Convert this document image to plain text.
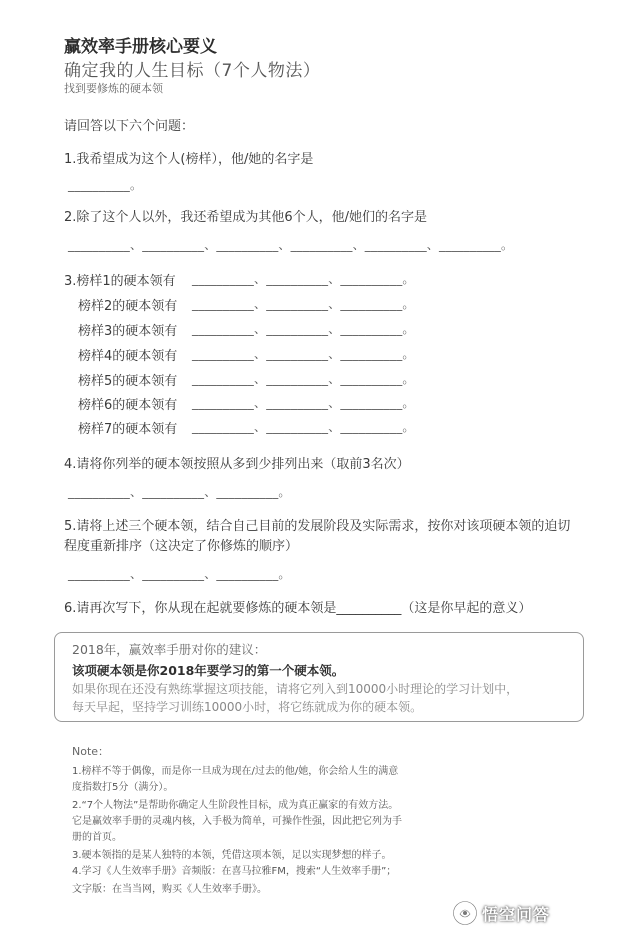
赢效率手册核心要义
确定我的人生目标（7个人物法）
找到要修炼的硬本领
请回答以下六个问题：
1.我希望成为这个人(榜样），他/她的名字是
__________。
2.除了这个人以外，我还希望成为其他6个人，他/她们的名字是
__________、__________、__________、__________、__________、__________。
3.榜样1的硬本领有 __________、__________、__________。
榜样2的硬本领有 __________、__________、__________。
榜样3的硬本领有 __________、__________、__________。
榜样4的硬本领有 __________、__________、__________。
榜样5的硬本领有 __________、__________、__________。
榜样6的硬本领有 __________、__________、__________。
榜样7的硬本领有 __________、__________、__________。
4.请将你列举的硬本领按照从多到少排列出来（取前3名次）
__________、__________、__________。
5.请将上述三个硬本领，结合自己目前的发展阶段及实际需求，按你对该项硬本领的迫切
程度重新排序（这决定了你修炼的顺序）
__________、__________、__________。
6.请再次写下，你从现在起就要修炼的硬本领是__________（这是你早起的意义）
2018年，赢效率手册对你的建议：
该项硬本领是你2018年要学习的第一个硬本领。
如果你现在还没有熟练掌握这项技能，请将它列入到10000小时理论的学习计划中，
每天早起，坚持学习训练10000小时，将它练就成为你的硬本领。
Note：
1.榜样不等于偶像，而是你一旦成为现在/过去的他/她，你会给人生的满意
度指数打5分（满分）。
2.“7个人物法”是帮助你确定人生阶段性目标，成为真正赢家的有效方法。
它是赢效率手册的灵魂内核，入手极为简单，可操作性强，因此把它列为手
册的首页。
3.硬本领指的是某人独特的本领，凭借这项本领，足以实现梦想的样子。
4.学习《人生效率手册》音频版：在喜马拉雅FM，搜索“人生效率手册”；
文字版：在当当网，购买《人生效率手册》。
悟空问答
